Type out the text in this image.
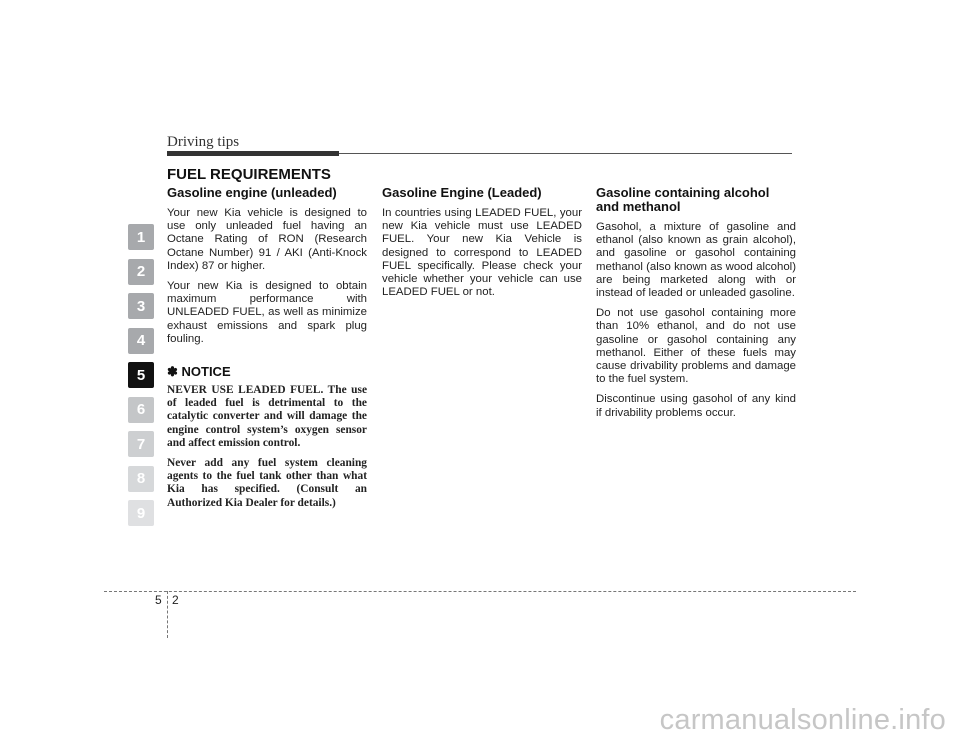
Driving tips
FUEL REQUIREMENTS
1
2
3
4
5
6
7
8
9
Gasoline engine (unleaded)

Your new Kia vehicle is designed to use only unleaded fuel having an Octane Rating of RON (Research Octane Number) 91 / AKI (Anti-Knock Index) 87 or higher.

Your new Kia is designed to obtain maximum performance with UNLEADED FUEL, as well as minimize exhaust emissions and spark plug fouling.

✽ NOTICE

NEVER USE LEADED FUEL. The use of leaded fuel is detrimental to the catalytic converter and will damage the engine control system’s oxygen sensor and affect emission control.

Never add any fuel system cleaning agents to the fuel tank other than what Kia has specified. (Consult an Authorized Kia Dealer for details.)

Gasoline Engine (Leaded)

In countries using LEADED FUEL, your new Kia vehicle must use LEADED FUEL. Your new Kia Vehicle is designed to correspond to LEADED FUEL specifically. Please check your vehicle whether your vehicle can use LEADED FUEL or not.

Gasoline containing alcohol and methanol

Gasohol, a mixture of gasoline and ethanol (also known as grain alcohol), and gasoline or gasohol containing methanol (also known as wood alcohol) are being marketed along with or instead of leaded or unleaded gasoline.

Do not use gasohol containing more than 10% ethanol, and do not use gasoline or gasohol containing any methanol. Either of these fuels may cause drivability problems and damage to the fuel system.

Discontinue using gasohol of any kind if drivability problems occur.

5 2
carmanualsonline.info
